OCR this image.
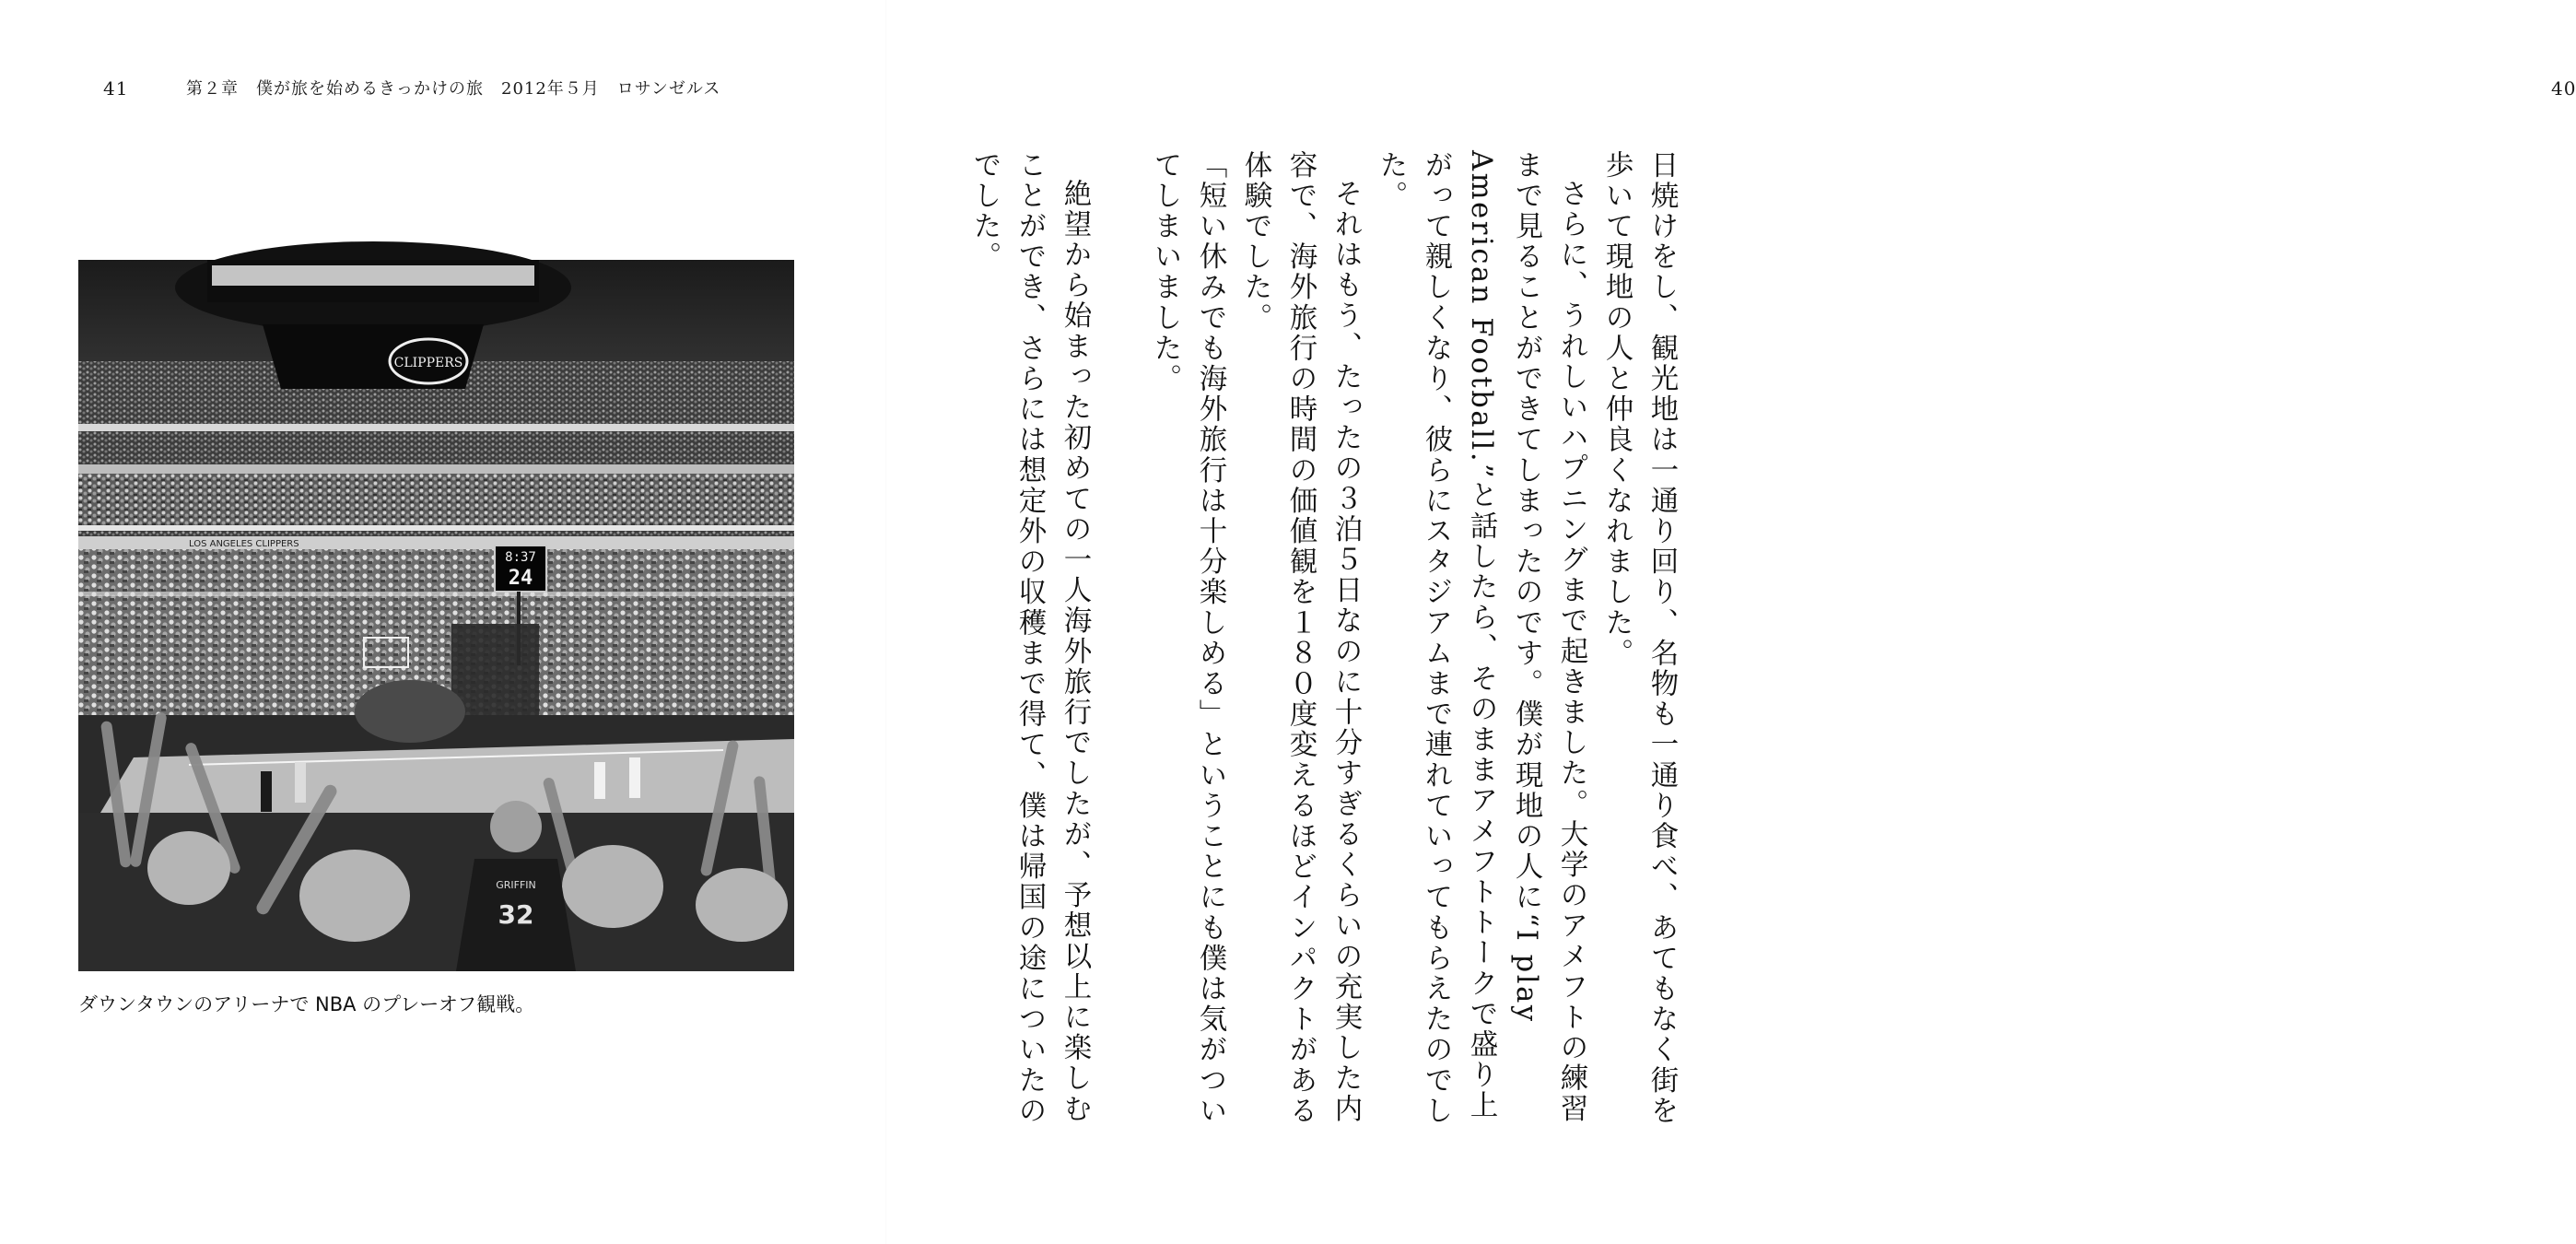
41	第２章　僕が旅を始めるきっかけの旅　2012年５月　ロサンゼルス
CLIPPERS
LOS ANGELES CLIPPERS
8:37
24
GRIFFIN
32
ダウンタウンのアリーナで NBA のプレーオフ観戦。
40

日焼けをし、観光地は一通り回り、名物も一通り食べ、あてもなく街を歩いて現地の人と仲良くなれました。

さらに、うれしいハプニングまで起きました。大学のアメフトの練習まで見ることができてしまったのです。僕が現地の人に“I play American Football.”と話したら、そのままアメフトトークで盛り上がって親しくなり、彼らにスタジアムまで連れていってもらえたのでした。

それはもう、たったの３泊５日なのに十分すぎるくらいの充実した内容で、海外旅行の時間の価値観を１８０度変えるほどインパクトがある体験でした。

「短い休みでも海外旅行は十分楽しめる」ということにも僕は気がついてしまいました。

絶望から始まった初めての一人海外旅行でしたが、予想以上に楽しむことができ、さらには想定外の収穫まで得て、僕は帰国の途についたのでした。
